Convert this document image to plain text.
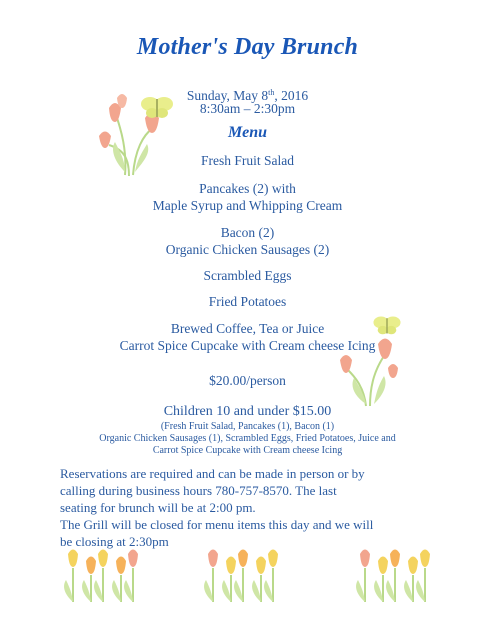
Mother's Day Brunch
Sunday, May 8th, 2016
8:30am – 2:30pm
Menu
Fresh Fruit Salad
Pancakes (2) with
Maple Syrup and Whipping Cream
Bacon (2)
Organic Chicken Sausages (2)
Scrambled Eggs
Fried Potatoes
Brewed Coffee, Tea or Juice
Carrot Spice Cupcake with Cream cheese Icing
$20.00/person
Children 10 and under $15.00
(Fresh Fruit Salad, Pancakes (1), Bacon (1)
Organic Chicken Sausages (1), Scrambled Eggs, Fried Potatoes, Juice and
Carrot Spice Cupcake with Cream cheese Icing
Reservations are required and can be made in person or by
calling during business hours 780-757-8570. The last
seating for brunch will be at 2:00 pm.
The Grill will be closed for menu items this day and we will
be closing at 2:30pm
